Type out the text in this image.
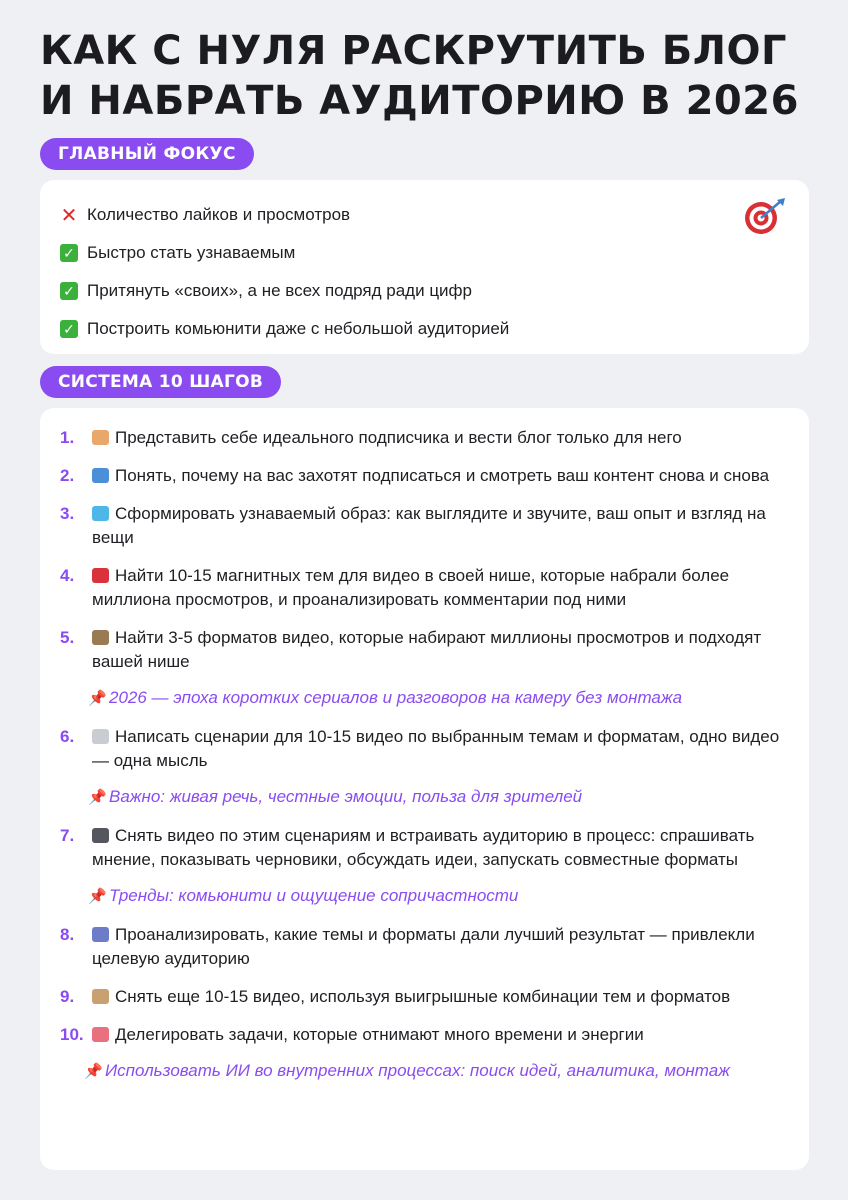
КАК С НУЛЯ РАСКРУТИТЬ БЛОГ
И НАБРАТЬ АУДИТОРИЮ В 2026
ГЛАВНЫЙ ФОКУС
✕ Количество лайков и просмотров
✓ Быстро стать узнаваемым
✓ Притянуть «своих», а не всех подряд ради цифр
✓ Построить комьюнити даже с небольшой аудиторией
СИСТЕМА 10 ШАГОВ
1. Представить себе идеального подписчика и вести блог только для него
2. Понять, почему на вас захотят подписаться и смотреть ваш контент снова и снова
3. Сформировать узнаваемый образ: как выглядите и звучите, ваш опыт и взгляд на вещи
4. Найти 10-15 магнитных тем для видео в своей нише, которые набрали более миллиона просмотров, и проанализировать комментарии под ними
5. Найти 3-5 форматов видео, которые набирают миллионы просмотров и подходят вашей нише
📌 2026 — эпоха коротких сериалов и разговоров на камеру без монтажа
6. Написать сценарии для 10-15 видео по выбранным темам и форматам, одно видео — одна мысль
📌 Важно: живая речь, честные эмоции, польза для зрителей
7. Снять видео по этим сценариям и встраивать аудиторию в процесс: спрашивать мнение, показывать черновики, обсуждать идеи, запускать совместные форматы
📌 Тренды: комьюнити и ощущение сопричастности
8. Проанализировать, какие темы и форматы дали лучший результат — привлекли целевую аудиторию
9. Снять еще 10-15 видео, используя выигрышные комбинации тем и форматов
10. Делегировать задачи, которые отнимают много времени и энергии
📌 Использовать ИИ во внутренних процессах: поиск идей, аналитика, монтаж
